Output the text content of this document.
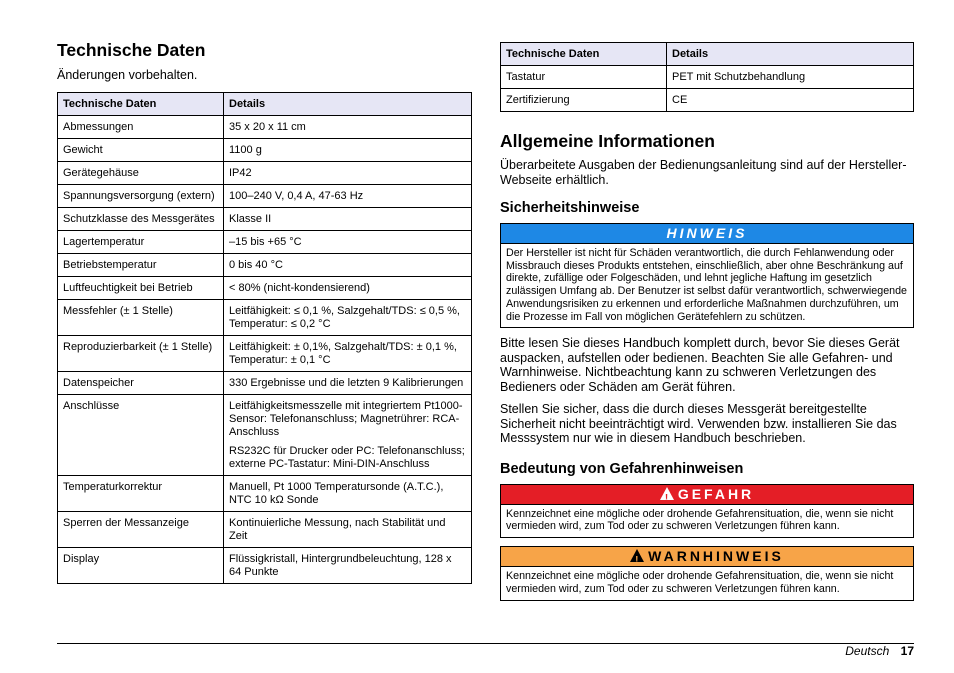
Technische Daten
Änderungen vorbehalten.
Technische Daten	Details
Abmessungen	35 x 20 x 11 cm

Gewicht	1100 g

Gerätegehäuse	IP42

Spannungsversorgung (extern)	100–240 V, 0,4 A, 47-63 Hz

Schutzklasse des Messgerätes	Klasse II

Lagertemperatur	–15 bis +65 °C

Betriebstemperatur	0 bis 40 °C

Luftfeuchtigkeit bei Betrieb	< 80% (nicht-kondensierend)

Messfehler (± 1 Stelle)	Leitfähigkeit: ≤ 0,1 %, Salzgehalt/TDS: ≤ 0,5 %, Temperatur: ≤ 0,2 °C

Reproduzierbarkeit (± 1 Stelle)	Leitfähigkeit: ± 0,1%, Salzgehalt/TDS: ± 0,1 %, Temperatur: ± 0,1 °C

Datenspeicher	330 Ergebnisse und die letzten 9 Kalibrierungen

Anschlüsse	Leitfähigkeitsmesszelle mit integriertem Pt1000-Sensor: Telefonanschluss; Magnetrührer: RCA-Anschluss
RS232C für Drucker oder PC: Telefonanschluss; externe PC-Tastatur: Mini-DIN-Anschluss

Temperaturkorrektur	Manuell, Pt 1000 Temperatursonde (A.T.C.), NTC 10 kΩ Sonde

Sperren der Messanzeige	Kontinuierliche Messung, nach Stabilität und Zeit

Display	Flüssigkristall, Hintergrundbeleuchtung, 128 x 64 Punkte
Technische Daten	Details
Tastatur	PET mit Schutzbehandlung

Zertifizierung	CE
Allgemeine Informationen

Überarbeitete Ausgaben der Bedienungsanleitung sind auf der Hersteller-Webseite erhältlich.

Sicherheitshinweise
HINWEIS
Der Hersteller ist nicht für Schäden verantwortlich, die durch Fehlanwendung oder Missbrauch dieses Produkts entstehen, einschließlich, aber ohne Beschränkung auf direkte, zufällige oder Folgeschäden, und lehnt jegliche Haftung im gesetzlich zulässigen Umfang ab. Der Benutzer ist selbst dafür verantwortlich, schwerwiegende Anwendungsrisiken zu erkennen und erforderliche Maßnahmen durchzuführen, um die Prozesse im Fall von möglichen Gerätefehlern zu schützen.

Bitte lesen Sie dieses Handbuch komplett durch, bevor Sie dieses Gerät auspacken, aufstellen oder bedienen. Beachten Sie alle Gefahren- und Warnhinweise. Nichtbeachtung kann zu schweren Verletzungen des Bedieners oder Schäden am Gerät führen.

Stellen Sie sicher, dass die durch dieses Messgerät bereitgestellte Sicherheit nicht beeinträchtigt wird. Verwenden bzw. installieren Sie das Messsystem nur wie in diesem Handbuch beschrieben.

Bedeutung von Gefahrenhinweisen
! GEFAHR
Kennzeichnet eine mögliche oder drohende Gefahrensituation, die, wenn sie nicht vermieden wird, zum Tod oder zu schweren Verletzungen führen kann.
! WARNHINWEIS
Kennzeichnet eine mögliche oder drohende Gefahrensituation, die, wenn sie nicht vermieden wird, zum Tod oder zu schweren Verletzungen führen kann.
Deutsch 17
